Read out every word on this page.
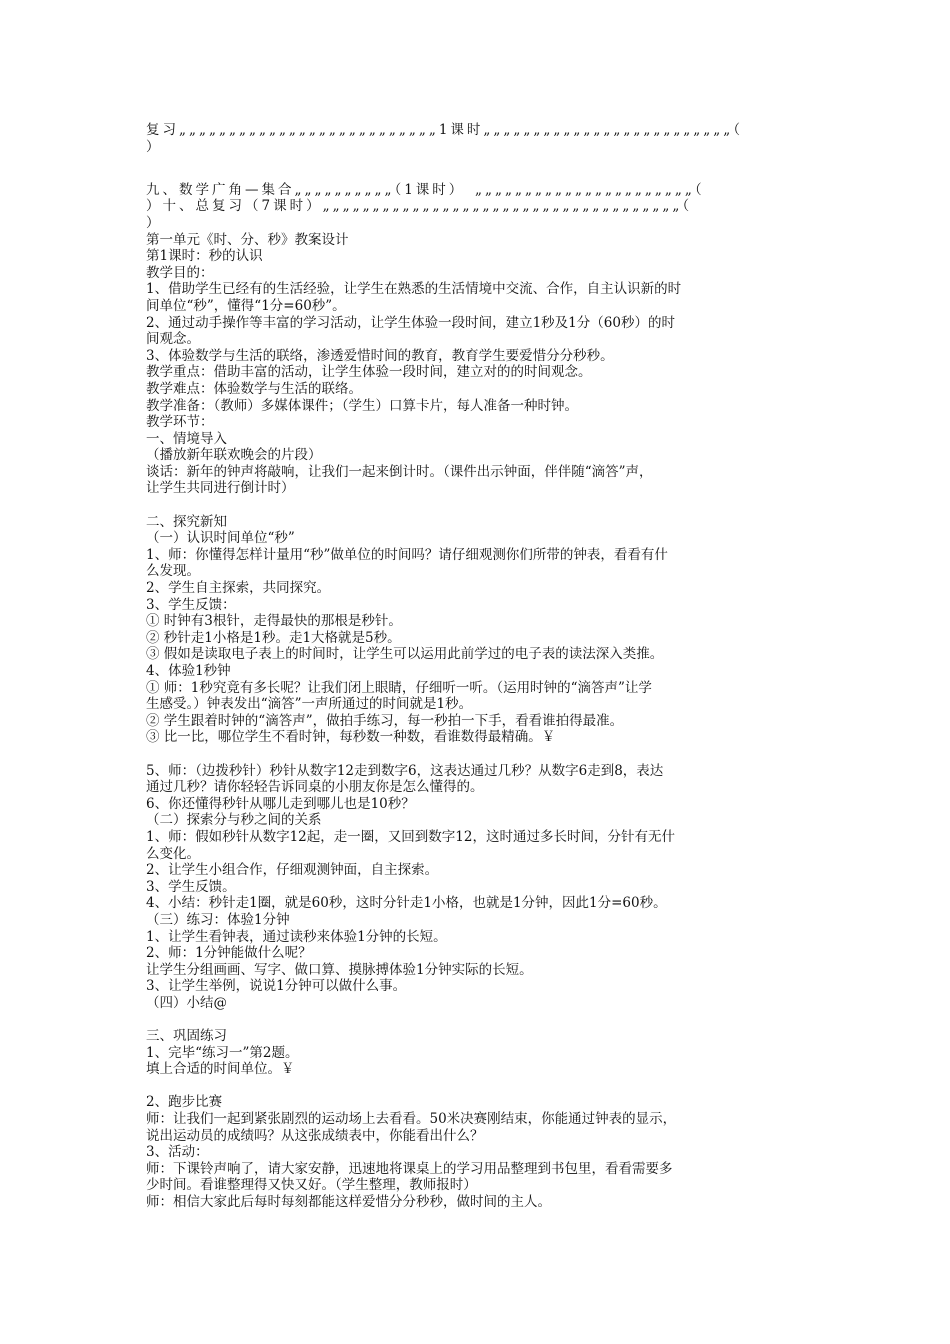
复习„„„„„„„„„„„„„„„„„„„„„„„„„„1课时„„„„„„„„„„„„„„„„„„„„„„„„„（
）
九、数学广角—集合„„„„„„„„„„（1课时）　„„„„„„„„„„„„„„„„„„„„„„（
）十、总复习（7课时）„„„„„„„„„„„„„„„„„„„„„„„„„„„„„„„„„„„„（
）
第一单元《时、分、秒》教案设计
第1课时：秒的认识
教学目的：
1、借助学生已经有的生活经验，让学生在熟悉的生活情境中交流、合作，自主认识新的时
间单位“秒”，懂得“1分=60秒”。
2、通过动手操作等丰富的学习活动，让学生体验一段时间，建立1秒及1分（60秒）的时
间观念。
3、体验数学与生活的联络，渗透爱惜时间的教育，教育学生要爱惜分分秒秒。
教学重点：借助丰富的活动，让学生体验一段时间，建立对的的时间观念。
教学难点：体验数学与生活的联络。
教学准备：（教师）多媒体课件；（学生）口算卡片，每人准备一种时钟。
教学环节：
一、情境导入
（播放新年联欢晚会的片段）
谈话：新年的钟声将敲响，让我们一起来倒计时。（课件出示钟面，伴伴随“滴答”声，
让学生共同进行倒计时）
二、探究新知
（一）认识时间单位“秒”
1、师：你懂得怎样计量用“秒”做单位的时间吗？请仔细观测你们所带的钟表，看看有什
么发现。
2、学生自主探索，共同探究。
3、学生反馈：
① 时钟有3根针，走得最快的那根是秒针。
② 秒针走1小格是1秒。走1大格就是5秒。
③ 假如是读取电子表上的时间时，让学生可以运用此前学过的电子表的读法深入类推。
4、体验1秒钟
① 师：1秒究竟有多长呢？让我们闭上眼睛，仔细听一听。（运用时钟的“滴答声”让学
生感受。）钟表发出“滴答”一声所通过的时间就是1秒。
② 学生跟着时钟的“滴答声”，做拍手练习，每一秒拍一下手，看看谁拍得最准。
③ 比一比，哪位学生不看时钟，每秒数一种数，看谁数得最精确。￥
5、师：（边拨秒针）秒针从数字12走到数字6，这表达通过几秒？从数字6走到8，表达
通过几秒？请你轻轻告诉同桌的小朋友你是怎么懂得的。
6、你还懂得秒针从哪儿走到哪儿也是10秒？
（二）探索分与秒之间的关系
1、师：假如秒针从数字12起，走一圈，又回到数字12，这时通过多长时间，分针有无什
么变化。
2、让学生小组合作，仔细观测钟面，自主探索。
3、学生反馈。
4、小结：秒针走1圈，就是60秒，这时分针走1小格，也就是1分钟，因此1分=60秒。
（三）练习：体验1分钟
1、让学生看钟表，通过读秒来体验1分钟的长短。
2、师：1分钟能做什么呢？
让学生分组画画、写字、做口算、摸脉搏体验1分钟实际的长短。
3、让学生举例，说说1分钟可以做什么事。
（四）小结@
三、巩固练习
1、完毕“练习一”第2题。
填上合适的时间单位。￥
2、跑步比赛
师：让我们一起到紧张剧烈的运动场上去看看。50米决赛刚结束，你能通过钟表的显示，
说出运动员的成绩吗？从这张成绩表中，你能看出什么？
3、活动：
师：下课铃声响了，请大家安静，迅速地将课桌上的学习用品整理到书包里，看看需要多
少时间。看谁整理得又快又好。（学生整理，教师报时）
师：相信大家此后每时每刻都能这样爱惜分分秒秒，做时间的主人。
